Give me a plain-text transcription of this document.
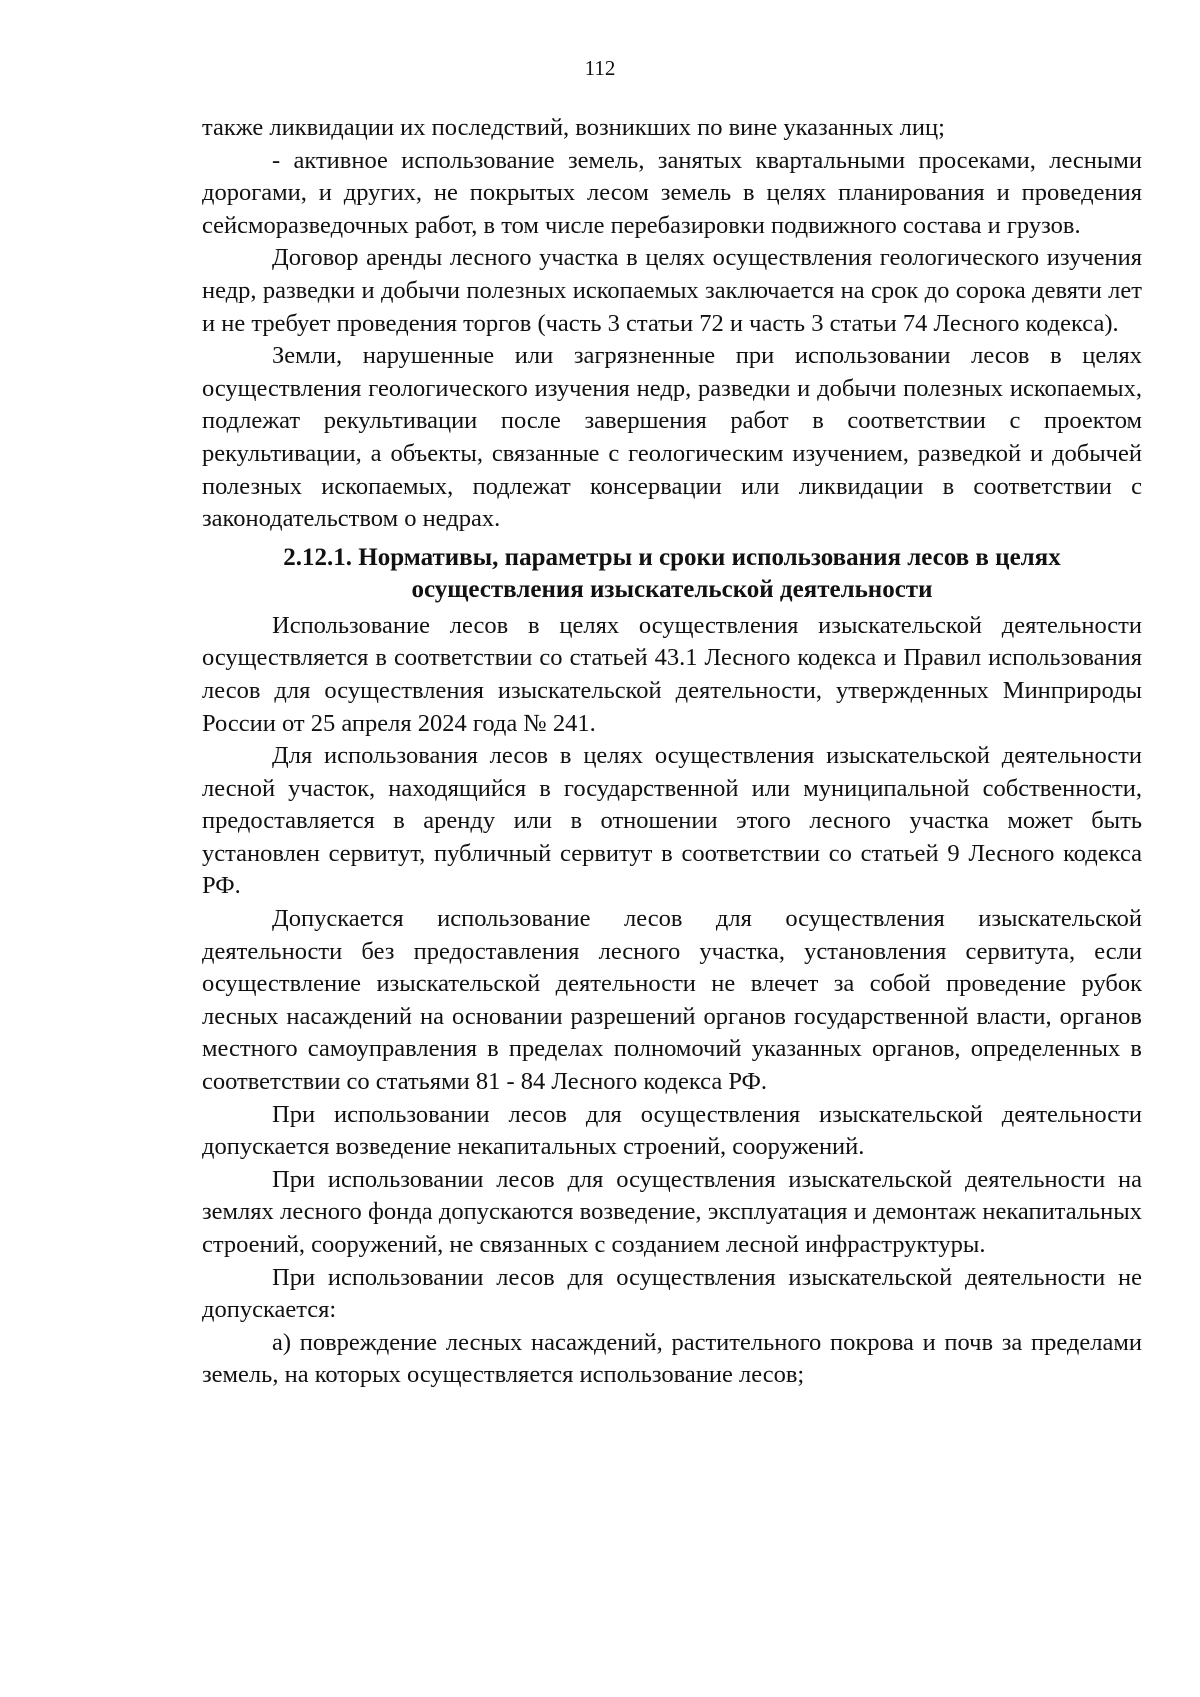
112

также ликвидации их последствий, возникших по вине указанных лиц;

- активное использование земель, занятых квартальными просеками, лесными дорогами, и других, не покрытых лесом земель в целях планирования и проведения сейсморазведочных работ, в том числе перебазировки подвижного состава и грузов.

Договор аренды лесного участка в целях осуществления геологического изучения недр, разведки и добычи полезных ископаемых заключается на срок до сорока девяти лет и не требует проведения торгов (часть 3 статьи 72 и часть 3 статьи 74 Лесного кодекса).

Земли, нарушенные или загрязненные при использовании лесов в целях осуществления геологического изучения недр, разведки и добычи полезных ископаемых, подлежат рекультивации после завершения работ в соответствии с проектом рекультивации, а объекты, связанные с геологическим изучением, разведкой и добычей полезных ископаемых, подлежат консервации или ликвидации в соответствии с законодательством о недрах.

2.12.1. Нормативы, параметры и сроки использования лесов в целях
осуществления изыскательской деятельности

Использование лесов в целях осуществления изыскательской деятельности осуществляется в соответствии со статьей 43.1 Лесного кодекса и Правил использования лесов для осуществления изыскательской деятельности, утвержденных Минприроды России от 25 апреля 2024 года № 241.

Для использования лесов в целях осуществления изыскательской деятельности лесной участок, находящийся в государственной или муниципальной собственности, предоставляется в аренду или в отношении этого лесного участка может быть установлен сервитут, публичный сервитут в соответствии со статьей 9 Лесного кодекса РФ.

Допускается использование лесов для осуществления изыскательской деятельности без предоставления лесного участка, установления сервитута, если осуществление изыскательской деятельности не влечет за собой проведение рубок лесных насаждений на основании разрешений органов государственной власти, органов местного самоуправления в пределах полномочий указанных органов, определенных в соответствии со статьями 81 - 84 Лесного кодекса РФ.

При использовании лесов для осуществления изыскательской деятельности допускается возведение некапитальных строений, сооружений.

При использовании лесов для осуществления изыскательской деятельности на землях лесного фонда допускаются возведение, эксплуатация и демонтаж некапитальных строений, сооружений, не связанных с созданием лесной инфраструктуры.

При использовании лесов для осуществления изыскательской деятельности не допускается:

а) повреждение лесных насаждений, растительного покрова и почв за пределами земель, на которых осуществляется использование лесов;
